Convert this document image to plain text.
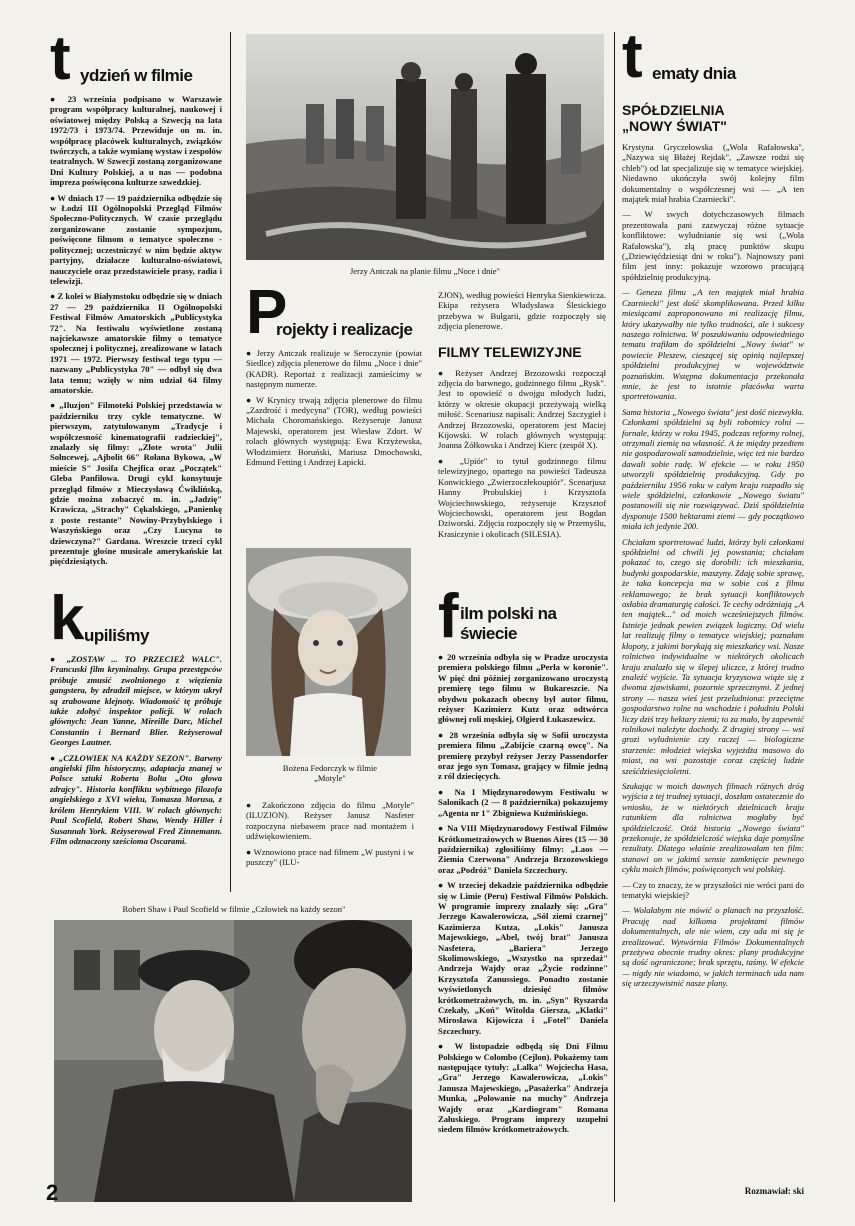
t ydzień w filmie

● 23 września podpisano w Warszawie program współpracy kulturalnej, naukowej i oświatowej między Polską a Szwecją na lata 1972/73 i 1973/74. Przewiduje on m. in. współpracę placówek kulturalnych, związków twórczych, a także wymianę wystaw i zespołów teatralnych. W Szwecji zostaną zorganizowane Dni Kultury Polskiej, a u nas — podobna impreza poświęcona kulturze szwedzkiej.

● W dniach 17 — 19 października odbędzie się w Łodzi III Ogólnopolski Przegląd Filmów Społeczno-Politycznych. W czasie przeglądu zorganizowane zostanie sympozjum, poświęcone filmom o tematyce społeczno - politycznej; uczestniczyć w nim będzie aktyw partyjny, działacze kulturalno-oświatowi, nauczyciele oraz przedstawiciele prasy, radia i telewizji.

● Z kolei w Białymstoku odbędzie się w dniach 27 — 29 października II Ogólnopolski Festiwal Filmów Amatorskich „Publicystyka 72". Na festiwalu wyświetlone zostaną najciekawsze amatorskie filmy o tematyce społecznej i politycznej, zrealizowane w latach 1971 — 1972. Pierwszy festiwal tego typu — nazwany „Publicystyka 70" — odbył się dwa lata temu; wzięły w nim udział 64 filmy amatorskie.

● „Iluzjon" Filmoteki Polskiej przedstawia w październiku trzy cykle tematyczne. W pierwszym, zatytułowanym „Tradycje i współczesność kinematografii radzieckiej", znalazły się filmy: „Złote wrota" Julii Sołncewej, „Ajbolit 66" Rołana Bykowa, „W mieście S" Josifa Chejfica oraz „Początek" Gleba Panfiłowa. Drugi cykl konsytuuje przegląd filmów z Mieczysławą Ćwiklińską, gdzie można zobaczyć m. in. „Jadzię" Krawicza, „Strachy" Cękalskiego, „Panienkę z poste restante" Nowiny-Przybylskiego i Waszyńskiego oraz „Czy Lucyna to dziewczyna?" Gardana. Wreszcie trzeci cykl prezentuje głośne musicale amerykańskie lat pięćdziesiątych.

k upiliśmy

● „ZOSTAW ... TO PRZECIEŻ WALC". Francuski film kryminalny. Grupa przestępców próbuje zmusić zwolnionego z więzienia gangstera, by zdradził miejsce, w którym ukrył sq zrabowane klejnoty. Wiadomość tę próbuje także zdobyć inspektor policji. W rolach głównych: Jean Yanne, Mireille Darc, Michel Constantin i Bernard Blier. Reżyserował Georges Lautner.

● „CZŁOWIEK NA KAŻDY SEZON". Barwny angielski film historyczny, adaptacja znanej w Polsce sztuki Roberta Bolta „Oto głowa zdrajcy". Historia konfliktu wybitnego filozofa angielskiego z XVI wieku, Tomasza Morusa, z królem Henrykiem VIII. W rolach głównych: Paul Scofield, Robert Shaw, Wendy Hiller i Susannah York. Reżyserował Fred Zinnemann. Film odznaczony sześcioma Oscarami.

Jerzy Antczak na planie filmu „Noce i dnie"
P
rojekty i realizacje

● Jerzy Antczak realizuje w Seroczynie (powiat Siedlce) zdjęcia plenerowe do filmu „Noce i dnie" (KADR). Reportaż z realizacji zamieścimy w następnym numerze.

● W Krynicy trwają zdjęcia plenerowe do filmu „Zazdrość i medycyna" (TOR), według powieści Michała Choromańskiego. Reżyseruje Janusz Majewski, operatorem jest Wiesław Zdort. W rolach głównych występują: Ewa Krzyżewska, Włodzimierz Boruński, Mariusz Dmochowski, Edmund Fetting i Andrzej Łapicki.

ZJON), według powieści Henryka Sienkiewicza. Ekipa reżysera Władysława Ślesickiego przebywa w Bułgarii, gdzie rozpoczęły się zdjęcia plenerowe.

FILMY TELEWIZYJNE

● Reżyser Andrzej Brzozowski rozpoczął zdjęcia do barwnego, godzinnego filmu „Rysk". Jest to opowieść o dwojgu młodych ludzi, którzy w okresie okupacji przeżywają wielką miłość. Scenariusz napisali: Andrzej Szczygieł i Andrzej Brzozowski, operatorem jest Maciej Kijowski. W rolach głównych występują: Joanna Żółkowska i Andrzej Kierc (zespół X).

● „Upiór" to tytuł godzinnego filmu telewizyjnego, opartego na powieści Tadeusza Konwickiego „Zwierzoczłekoupiór". Scenarjusz Hanny Probulskiej i Krzysztofa Wojciechowskiego, reżyseruje Krzysztof Wojciechowski, operatorem jest Bogdan Dziworski. Zdjęcia rozpoczęły się w Przemyślu, Krasiczynie i okolicach (SILESIA).

Bożena Fedorczyk w filmie „Motyle"

● Zakończono zdjęcia do filmu „Motyle" (ILUZJON). Reżyser Janusz Nasfeter rozpoczyna niebawem prace nad montażem i udźwiękowieniem.

● Wznowiono prace nad filmem „W pustyni i w puszczy" (ILU-

f ilm polski na świecie

● 20 września odbyła się w Pradze uroczysta premiera polskiego filmu „Perła w koronie". W pięć dni później zorganizowano uroczystą premierę tego filmu w Bukareszcie. Na obydwu pokazach obecny był autor filmu, reżyser Kazimierz Kutz oraz odtwórca głównej roli męskiej, Olgierd Łukaszewicz.

● 28 września odbyła się w Sofii uroczysta premiera filmu „Zabijcie czarną owcę". Na premierę przybył reżyser Jerzy Passendorfer oraz jego syn Tomasz, grający w filmie jedną z ról dziecięcych.

● Na I Międzynarodowym Festiwalu w Salonikach (2 — 8 października) pokazujemy „Agenta nr 1" Zbigniewa Kuźmińskiego.

● Na VIII Międzynarodowy Festiwal Filmów Krótkometrażowych w Buenos Aires (15 — 30 października) zgłosiliśmy filmy: „Laos — Ziemia Czerwona" Andrzeja Brzozowskiego oraz „Podróż" Daniela Szczechury.

● W trzeciej dekadzie października odbędzie się w Limie (Peru) Festiwal Filmów Polskich. W programie imprezy znalazły się: „Gra" Jerzego Kawalerowicza, „Sól ziemi czarnej" Kazimierza Kutza, „Lokis" Janusza Majewskiego, „Abel, twój brat" Janusza Nasfetera, „Bariera" Jerzego Skolimowskiego, „Wszystko na sprzedaż" Andrzeja Wajdy oraz „Życie rodzinne" Krzysztofa Zanussiego. Ponadto zostanie wyświetlonych dziesięć filmów krótkometrażowych, m. in. „Syn" Ryszarda Czekały, „Koń" Witolda Giersza, „Klatki" Mirosława Kijowicza i „Fotel" Daniela Szczechury.

● W listopadzie odbędą się Dni Filmu Polskiego w Colombo (Cejlon). Pokażemy tam następujące tytuły: „Lalka" Wojciecha Hasa, „Gra" Jerzego Kawalerowicza, „Lokis" Janusza Majewskiego, „Pasażerka" Andrzeja Munka, „Polowanie na muchy" Andrzeja Wajdy oraz „Kardiogram" Romana Załuskiego. Program imprezy uzupełni siedem filmów krótkometrażowych.

Robert Shaw i Paul Scofield w filmie „Człowiek na każdy sezon"
t ematy dnia
SPÓŁDZIELNIA
„NOWY ŚWIAT"

Krystyna Gryczełowska („Wola Rafałowska", „Nazywa się Błażej Rejdak", „Zawsze rodzi się chleb") od lat specjalizuje się w tematyce wiejskiej. Niedawno ukończyła swój kolejny film dokumentalny o współczesnej wsi — „A ten majątek miał hrabia Czarniecki".

— W swych dotychczasowych filmach prezentowała pani zazwyczaj różne sytuacje konfliktowe: wyludnianie się wsi („Wola Rafałowska"), złą pracę punktów skupu („Dziewięćdziesiąt dni w roku"). Najnowszy pani film jest inny: pokazuje wzorowo pracującą spółdzielnię produkcyjną.

— Geneza filmu „A ten majątek miał hrabia Czarniecki" jest dość skomplikowana. Przed kilku miesiącami zaproponowano mi realizację filmu, który ukazywałby nie tylko trudności, ale i sukcesy naszego rolnictwa. W poszukiwaniu odpowiedniego tematu trafiłam do spółdzielni „Nowy świat" w powiecie Pleszew, cieszącej się opinią najlepszej spółdzielni produkcyjnej w województwie poznańskim. Wstępna dokumentacja przekonała mnie, że jest to istotnie placówka warta sportretowania.

Sama historia „Nowego świata" jest dość niezwykła. Członkami spółdzielni są byli robotnicy rolni — fornale, którzy w roku 1945, podczas reformy rolnej, otrzymali ziemię na własność. A że między przedtem nie gospodarowali samodzielnie, więc też nie bardzo dawali sobie radę. W efekcie — w roku 1950 utworzyli spółdzielnię produkcyjną. Gdy po październiku 1956 roku w całym kraju rozpadło się wiele spółdzielni, członkowie „Nowego światu" postanowili się nie rozwiązywać. Dziś spółdzielnia dysponuje 1500 hektarami ziemi — gdy początkowo miała ich jedynie 200.

Chciałam sportretować ludzi, którzy byli członkami spółdzielni od chwili jej powstania; chciałam pokazać to, czego się dorobili: ich mieszkania, budynki gospodarskie, maszyny. Zdaję sobie sprawę, że taka koncepcja ma w sobie coś z filmu reklamowego; że brak sytuacji konfliktowych osłabia dramaturgię całości. Te cechy odróżniają „A ten majątek..." od moich wcześniejszych filmów. Istnieje jednak pewien związek logiczny. Od wielu lat realizuję filmy o tematyce wiejskiej; poznałam kłopoty, z jakimi borykają się mieszkańcy wsi. Nasze rolnictwo indywidualne w niektórych okolicach kraju znalazło się w ślepej uliczce, z której trudno znaleźć wyjście. Ta sytuacja kryzysowa wiąże się z dwoma zjawiskami, pozornie sprzecznymi. Z jednej strony — nasza wieś jest przeludniona: przeciętne gospodarstwo rolne na wschodzie i południu Polski liczy dziś trzy hektary ziemi; to za mało, by zapewnić rolnikowi należyte dochody. Z drugiej strony — wsi grozi wyludnienie czy raczej — biologiczne starzenie: młodzież wiejska wyjeżdża masowo do miast, na wsi pozostaje coraz częściej ludzie sześćdziesięcioletni.

Szukając w moich dawnych filmach różnych dróg wyjścia z tej trudnej sytuacji, doszłam ostatecznie do wniosku, że w niektórych dzielnicach kraju ratunkiem dla rolnictwa mogłaby być spółdzielczość. Otóż historia „Nowego świata" przekonuje, że spółdzielczość wiejska daje pomyślne rezultaty. Dlatego właśnie zrealizowałam ten film: stanowi on w jakimś sensie zamknięcie pewnego cyklu moich filmów, poświęconych wsi polskiej.

— Czy to znaczy, że w przyszłości nie wróci pani do tematyki wiejskiej?

— Wolałabym nie mówić o planach na przyszłość. Pracuję nad kilkoma projektami filmów dokumentalnych, ale nie wiem, czy uda mi się je zrealizować. Wytwórnia Filmów Dokumentalnych przeżywa obecnie trudny okres: plany produkcyjne są dość ograniczone; brak sprzętu, taśmy. W efekcie — nigdy nie wiadomo, w jakich terminach uda nam się urzeczywistnić nasze plany.

Rozmawiał: ski
2
